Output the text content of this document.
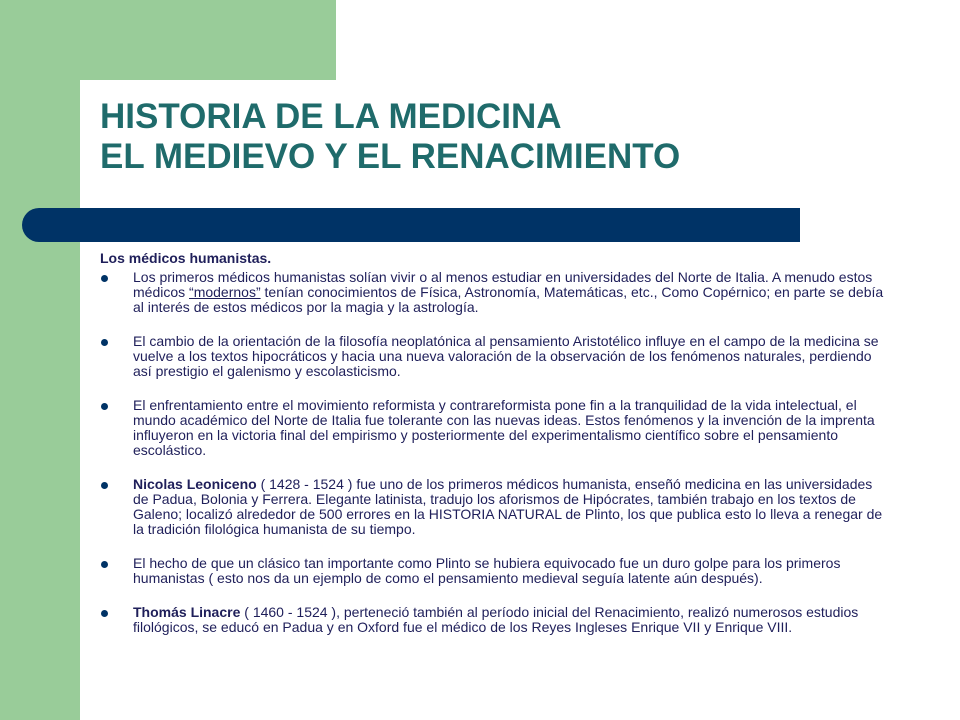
HISTORIA DE LA MEDICINA
EL MEDIEVO Y EL RENACIMIENTO
Los médicos humanistas.
Los primeros médicos humanistas solían vivir o al menos estudiar en universidades del Norte de Italia. A menudo estos médicos “modernos” tenían conocimientos de Física, Astronomía, Matemáticas, etc., Como Copérnico; en parte se debía al interés de estos médicos por la magia y la astrología.
El cambio de la orientación de la filosofía neoplatónica al pensamiento Aristotélico influye en el campo de la medicina se vuelve a los textos hipocráticos y hacia una nueva valoración de la observación de los fenómenos naturales, perdiendo así prestigio el galenismo y escolasticismo.
El enfrentamiento entre el movimiento reformista y contrareformista pone fin a la tranquilidad de la vida intelectual, el mundo académico del Norte de Italia fue tolerante con las nuevas ideas. Estos fenómenos y la invención de la imprenta influyeron en la victoria final del empirismo y posteriormente del experimentalismo científico sobre el pensamiento escolástico.
Nicolas Leoniceno ( 1428 - 1524 ) fue uno de los primeros médicos humanista, enseñó medicina en las universidades de Padua, Bolonia y Ferrera. Elegante latinista, tradujo los aforismos de Hipócrates, también trabajo en los textos de Galeno; localizó alrededor de 500 errores en la HISTORIA NATURAL de Plinto, los que publica esto lo lleva a renegar de la tradición filológica humanista de su tiempo.
El hecho de que un clásico tan importante como Plinto se hubiera equivocado fue un duro golpe para los primeros humanistas ( esto nos da un ejemplo de como el pensamiento medieval seguía latente aún después).
Thomás Linacre ( 1460 - 1524 ), perteneció también al período inicial del Renacimiento, realizó numerosos estudios filológicos, se educó en Padua y en Oxford fue el médico de los Reyes Ingleses Enrique VII y Enrique VIII.
